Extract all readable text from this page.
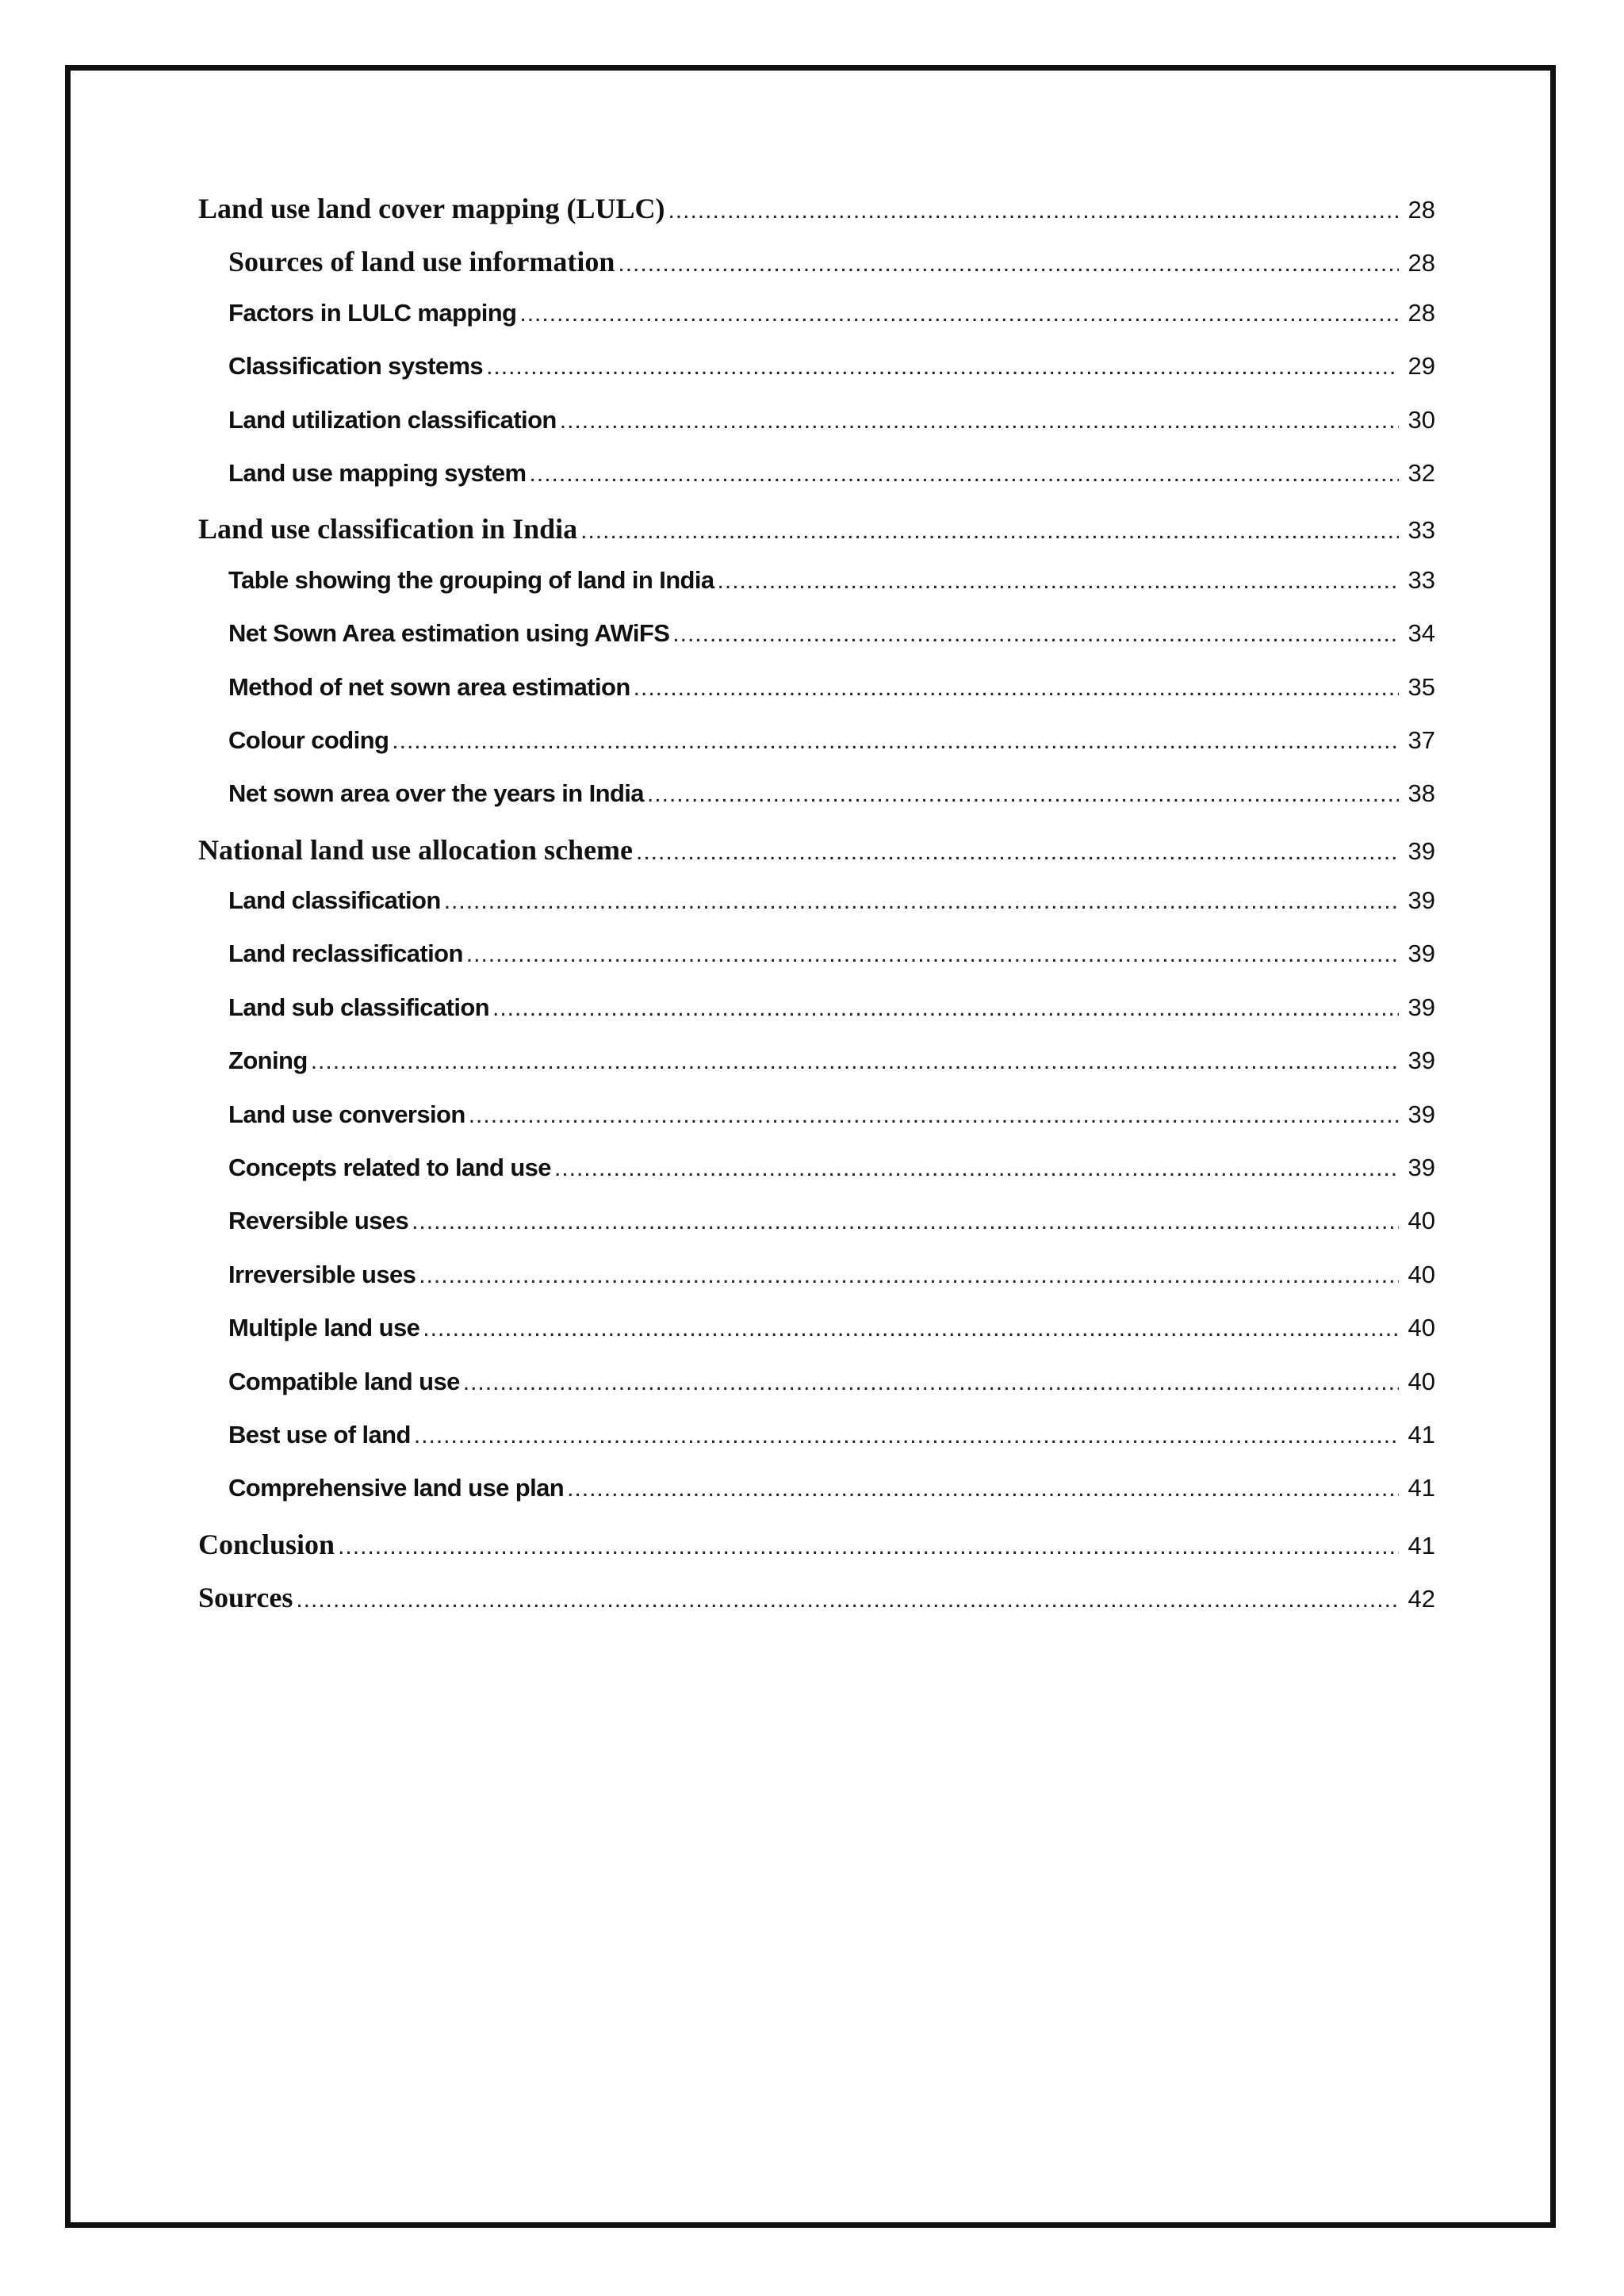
Land use land cover mapping (LULC) .....	28
Sources of land use information .....	28
Factors in LULC mapping .....	28
Classification systems .....	29
Land utilization classification .....	30
Land use mapping system .....	32
Land use classification in India .....	33
Table showing the grouping of land in India .....	33
Net Sown Area estimation using AWiFS .....	34
Method of net sown area estimation .....	35
Colour coding .....	37
Net sown area over the years in India .....	38
National land use allocation scheme .....	39
Land classification .....	39
Land reclassification .....	39
Land sub classification .....	39
Zoning .....	39
Land use conversion .....	39
Concepts related to land use .....	39
Reversible uses .....	40
Irreversible uses .....	40
Multiple land use .....	40
Compatible land use .....	40
Best use of land .....	41
Comprehensive land use plan .....	41
Conclusion .....	41
Sources .....	42
